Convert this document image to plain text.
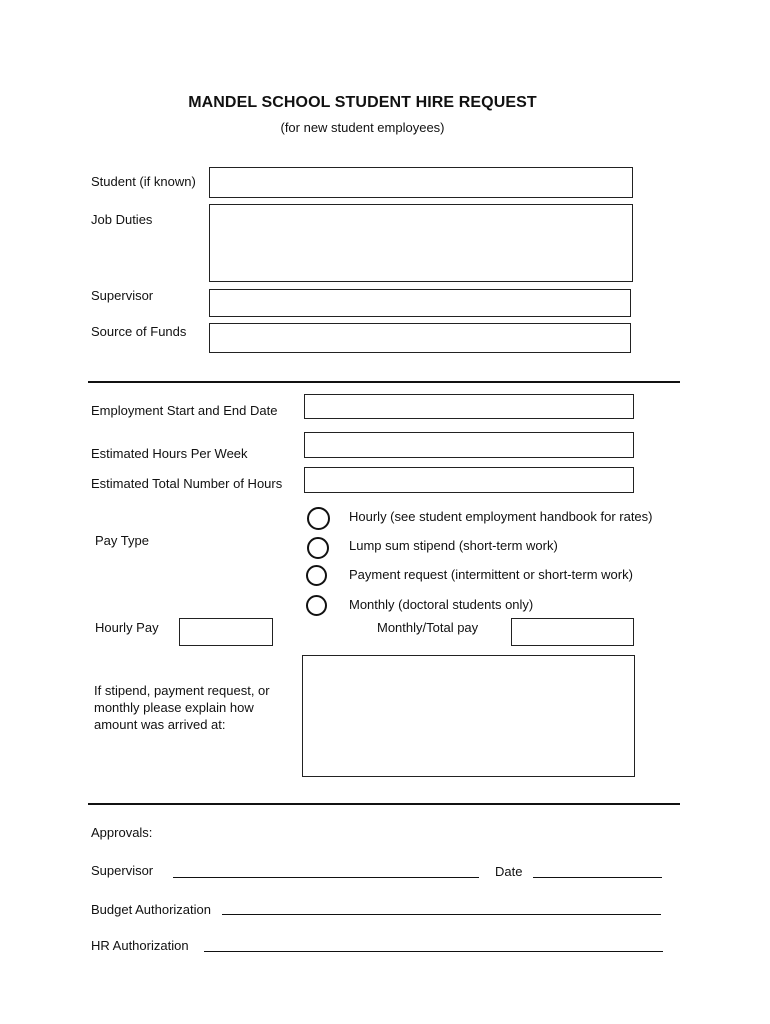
MANDEL SCHOOL STUDENT HIRE REQUEST
(for new student employees)
Student (if known)
Job Duties
Supervisor
Source of Funds
Employment Start and End Date
Estimated Hours Per Week
Estimated Total Number of Hours
Pay Type
Hourly (see student employment handbook for rates)
Lump sum stipend (short-term work)
Payment request (intermittent or short-term work)
Monthly (doctoral students only)
Hourly Pay	Monthly/Total pay
If stipend, payment request, or
monthly please explain how
amount was arrived at:
Approvals:
Supervisor	Date
Budget Authorization
HR Authorization
